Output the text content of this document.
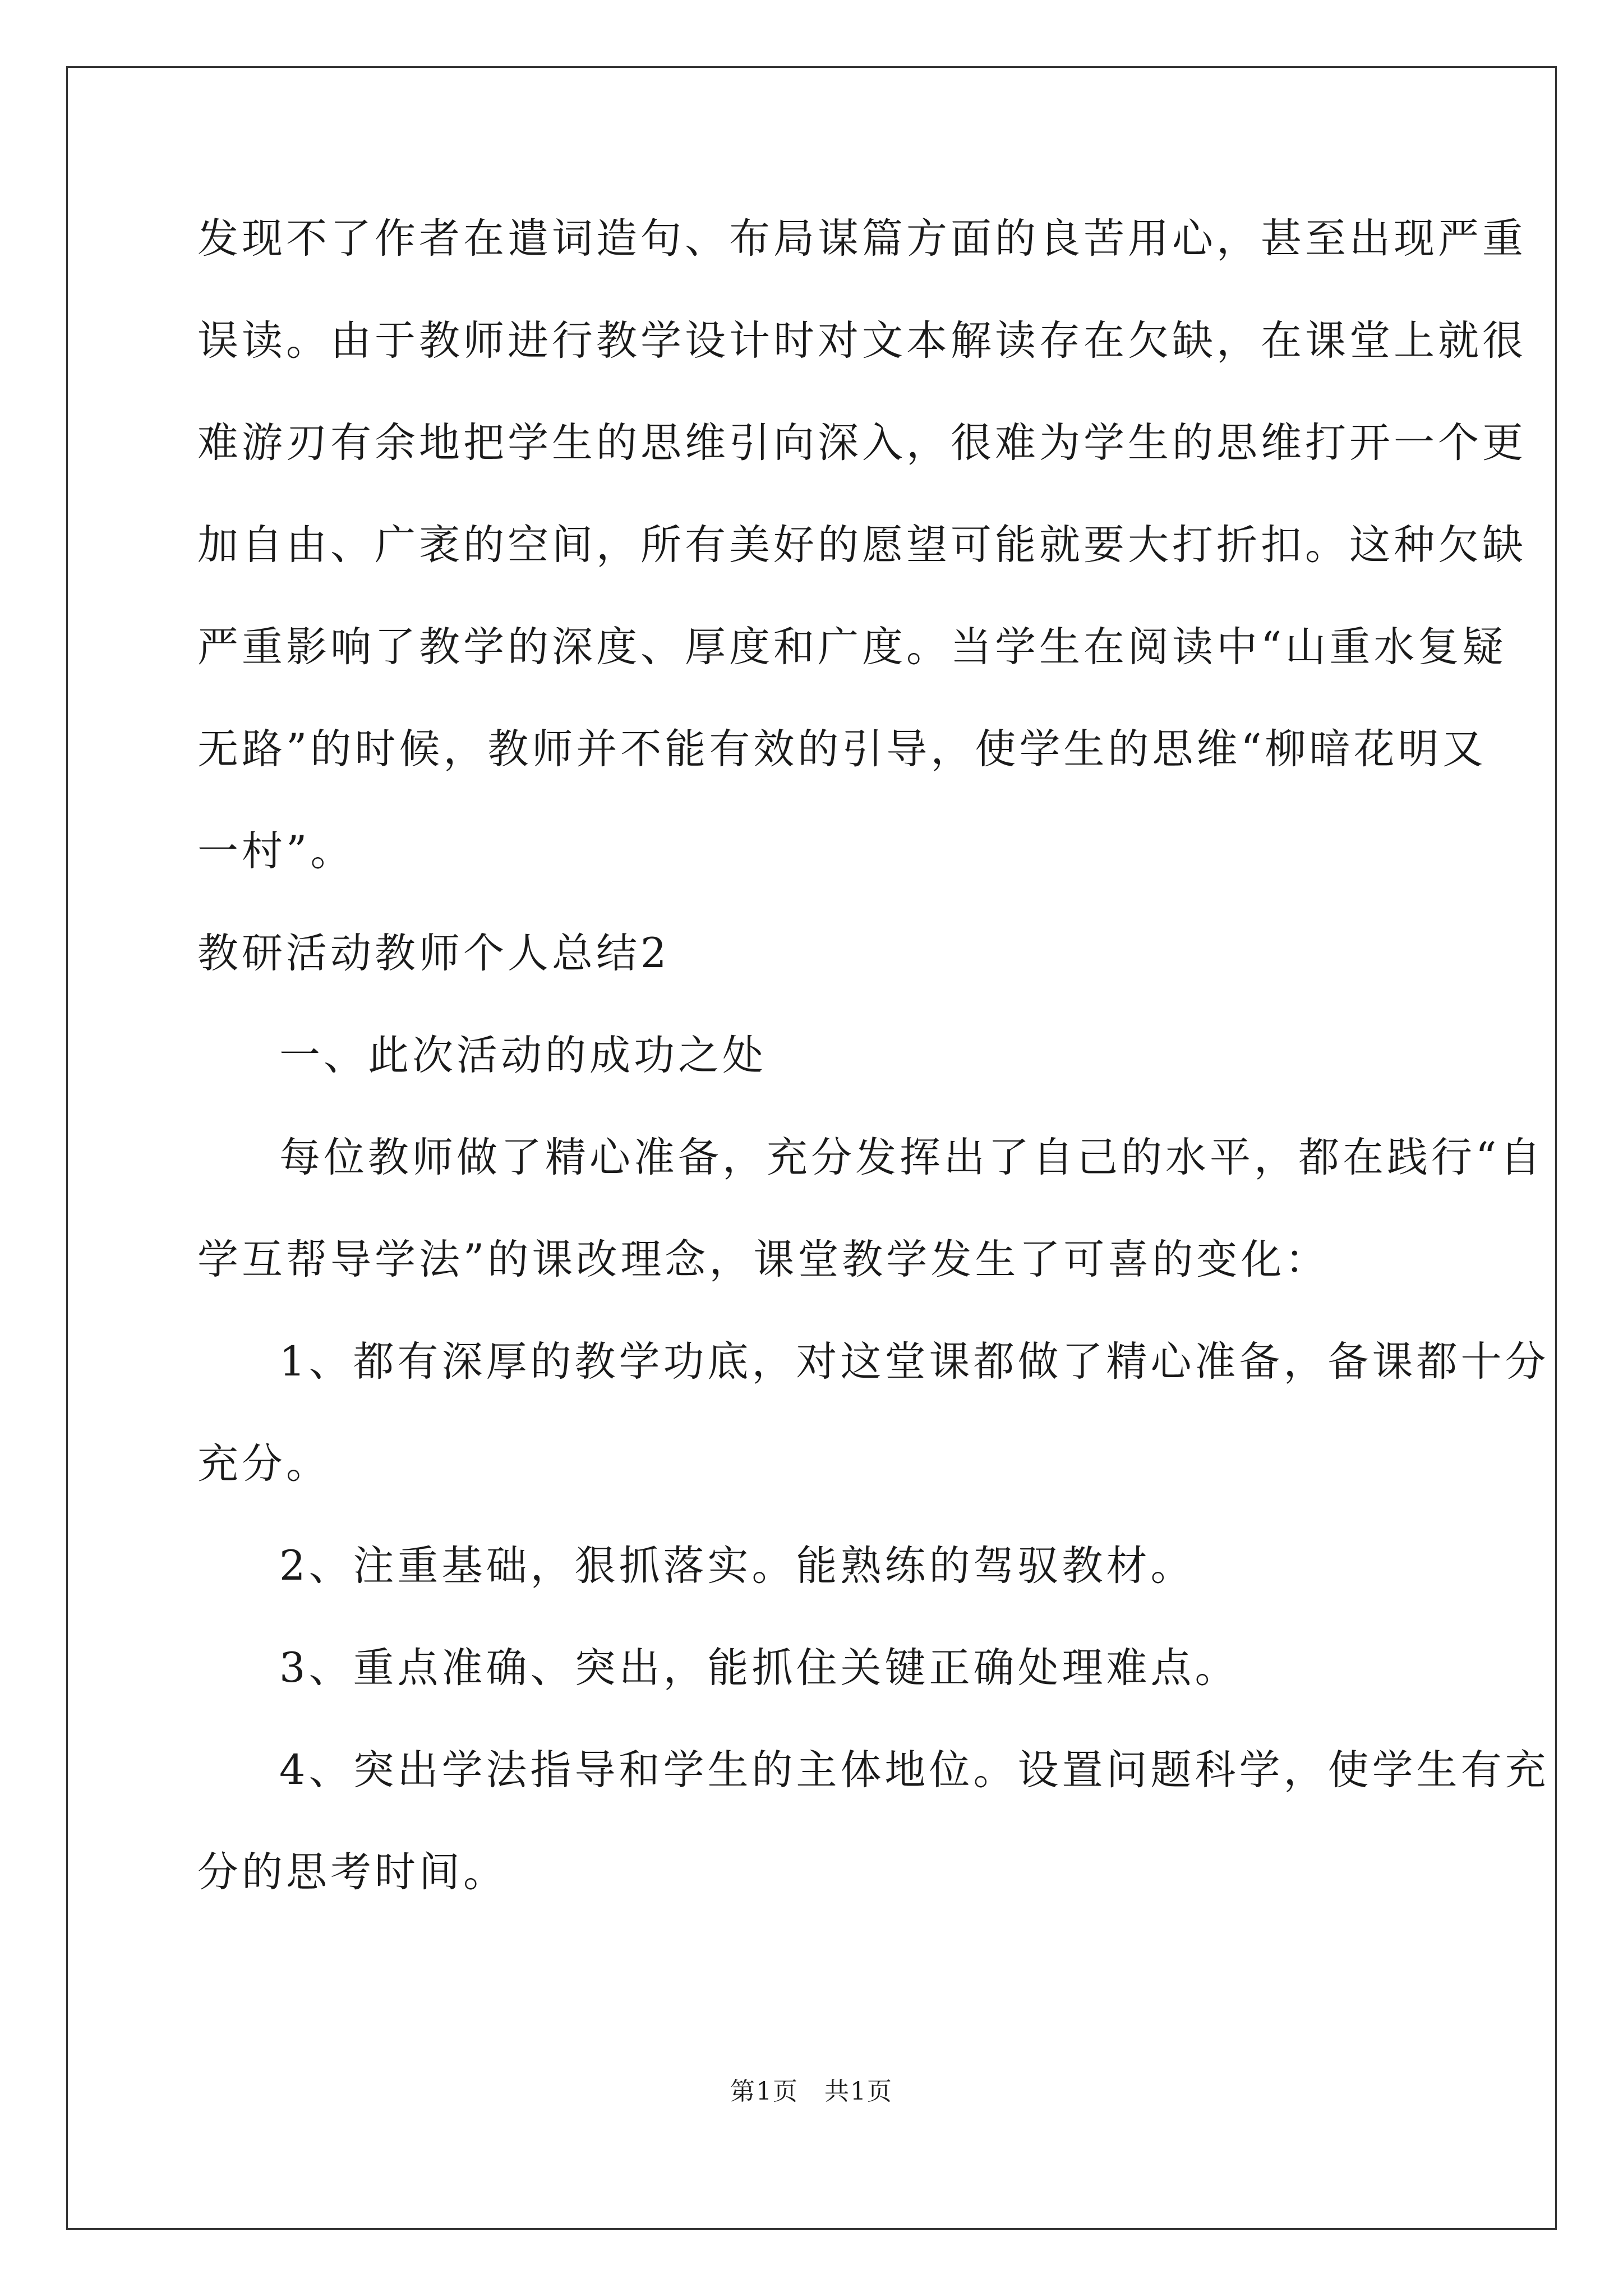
发现不了作者在遣词造句、布局谋篇方面的良苦用心，甚至出现严重
误读。由于教师进行教学设计时对文本解读存在欠缺，在课堂上就很
难游刃有余地把学生的思维引向深入，很难为学生的思维打开一个更
加自由、广袤的空间，所有美好的愿望可能就要大打折扣。这种欠缺
严重影响了教学的深度、厚度和广度。当学生在阅读中“山重水复疑
无路”的时候，教师并不能有效的引导，使学生的思维“柳暗花明又
一村”。
教研活动教师个人总结2
一、此次活动的成功之处
每位教师做了精心准备，充分发挥出了自己的水平，都在践行“自
学互帮导学法”的课改理念，课堂教学发生了可喜的变化：
1、都有深厚的教学功底，对这堂课都做了精心准备，备课都十分
充分。
2、注重基础，狠抓落实。能熟练的驾驭教材。
3、重点准确、突出，能抓住关键正确处理难点。
4、突出学法指导和学生的主体地位。设置问题科学，使学生有充
分的思考时间。
第1页　共1页
